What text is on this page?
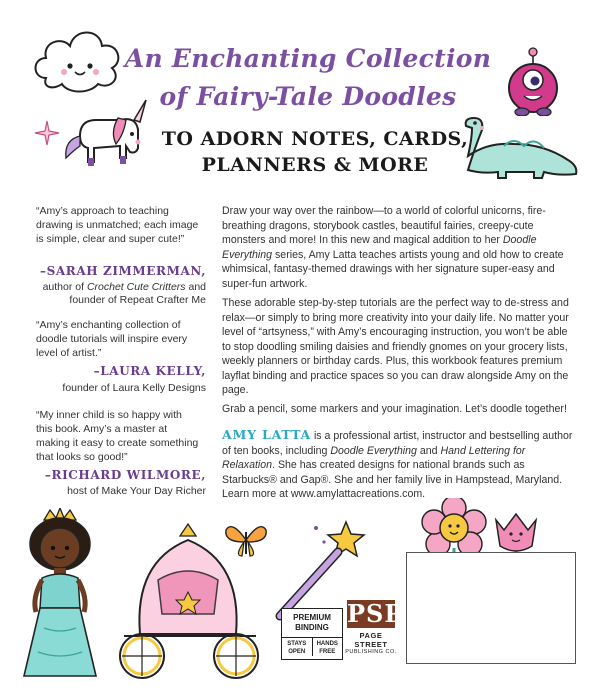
An Enchanting Collection
of Fairy-Tale Doodles
TO ADORN NOTES, CARDS,
PLANNERS & MORE
“Amy’s approach to teaching drawing is unmatched; each image is simple, clear and super cute!”
–SARAH ZIMMERMAN,
author of Crochet Cute Critters and founder of Repeat Crafter Me
“Amy’s enchanting collection of doodle tutorials will inspire every level of artist.”
–LAURA KELLY,
founder of Laura Kelly Designs
“My inner child is so happy with this book. Amy’s a master at making it easy to create something that looks so good!”
–RICHARD WILMORE,
host of Make Your Day Richer
Draw your way over the rainbow—to a world of colorful unicorns, fire-breathing dragons, storybook castles, beautiful fairies, creepy-cute monsters and more! In this new and magical addition to her Doodle Everything series, Amy Latta teaches artists young and old how to create whimsical, fantasy-themed drawings with her signature super-easy and super-fun artwork.
These adorable step-by-step tutorials are the perfect way to de-stress and relax—or simply to bring more creativity into your daily life. No matter your level of “artsyness,” with Amy’s encouraging instruction, you won’t be able to stop doodling smiling daisies and friendly gnomes on your grocery lists, weekly planners or birthday cards. Plus, this workbook features premium layflat binding and practice spaces so you can draw alongside Amy on the page.
Grab a pencil, some markers and your imagination. Let’s doodle together!
AMY LATTA is a professional artist, instructor and bestselling author of ten books, including Doodle Everything and Hand Lettering for Relaxation. She has created designs for national brands such as Starbucks® and Gap®. She and her family live in Hampstead, Maryland. Learn more at www.amylattacreations.com.
PREMIUM
BINDING
STAYS
OPEN
HANDS
FREE
PSP
PAGE STREET
PUBLISHING CO.
